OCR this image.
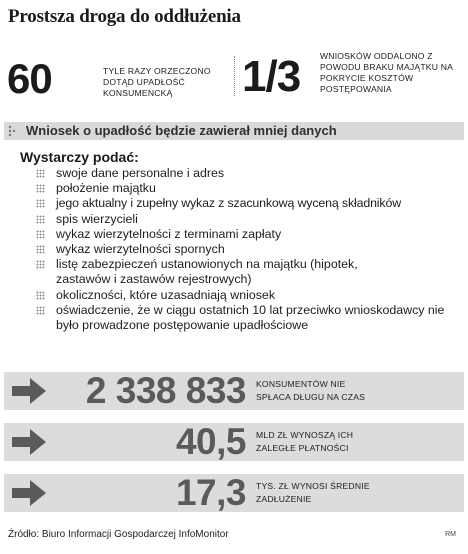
Prostsza droga do oddłużenia
60	TYLE RAZY ORZECZONO DOTĄD UPADŁOŚĆ KONSUMENCKĄ	1/3 WNIOSKÓW ODDALONO Z POWODU BRAKU MAJĄTKU NA POKRYCIE KOSZTÓW POSTĘPOWANIA
Wniosek o upadłość będzie zawierał mniej danych
Wystarczy podać:
swoje dane personalne i adres
położenie majątku
jego aktualny i zupełny wykaz z szacunkową wyceną składników
spis wierzycieli
wykaz wierzytelności z terminami zapłaty
wykaz wierzytelności spornych
listę zabezpieczeń ustanowionych na majątku (hipotek, zastawów i zastawów rejestrowych)
okoliczności, które uzasadniają wniosek
oświadczenie, że w ciągu ostatnich 10 lat przeciwko wnioskodawcy nie było prowadzone postępowanie upadłościowe
2 338 833 KONSUMENTÓW NIE SPŁACA DŁUGU NA CZAS
40,5 MLD ZŁ WYNOSZĄ ICH ZALEGŁE PŁATNOŚCI
17,3 TYS. ZŁ WYNOSI ŚREDNIE ZADŁUŻENIE
Źródło: Biuro Informacji Gospodarczej InfoMonitor	RM
